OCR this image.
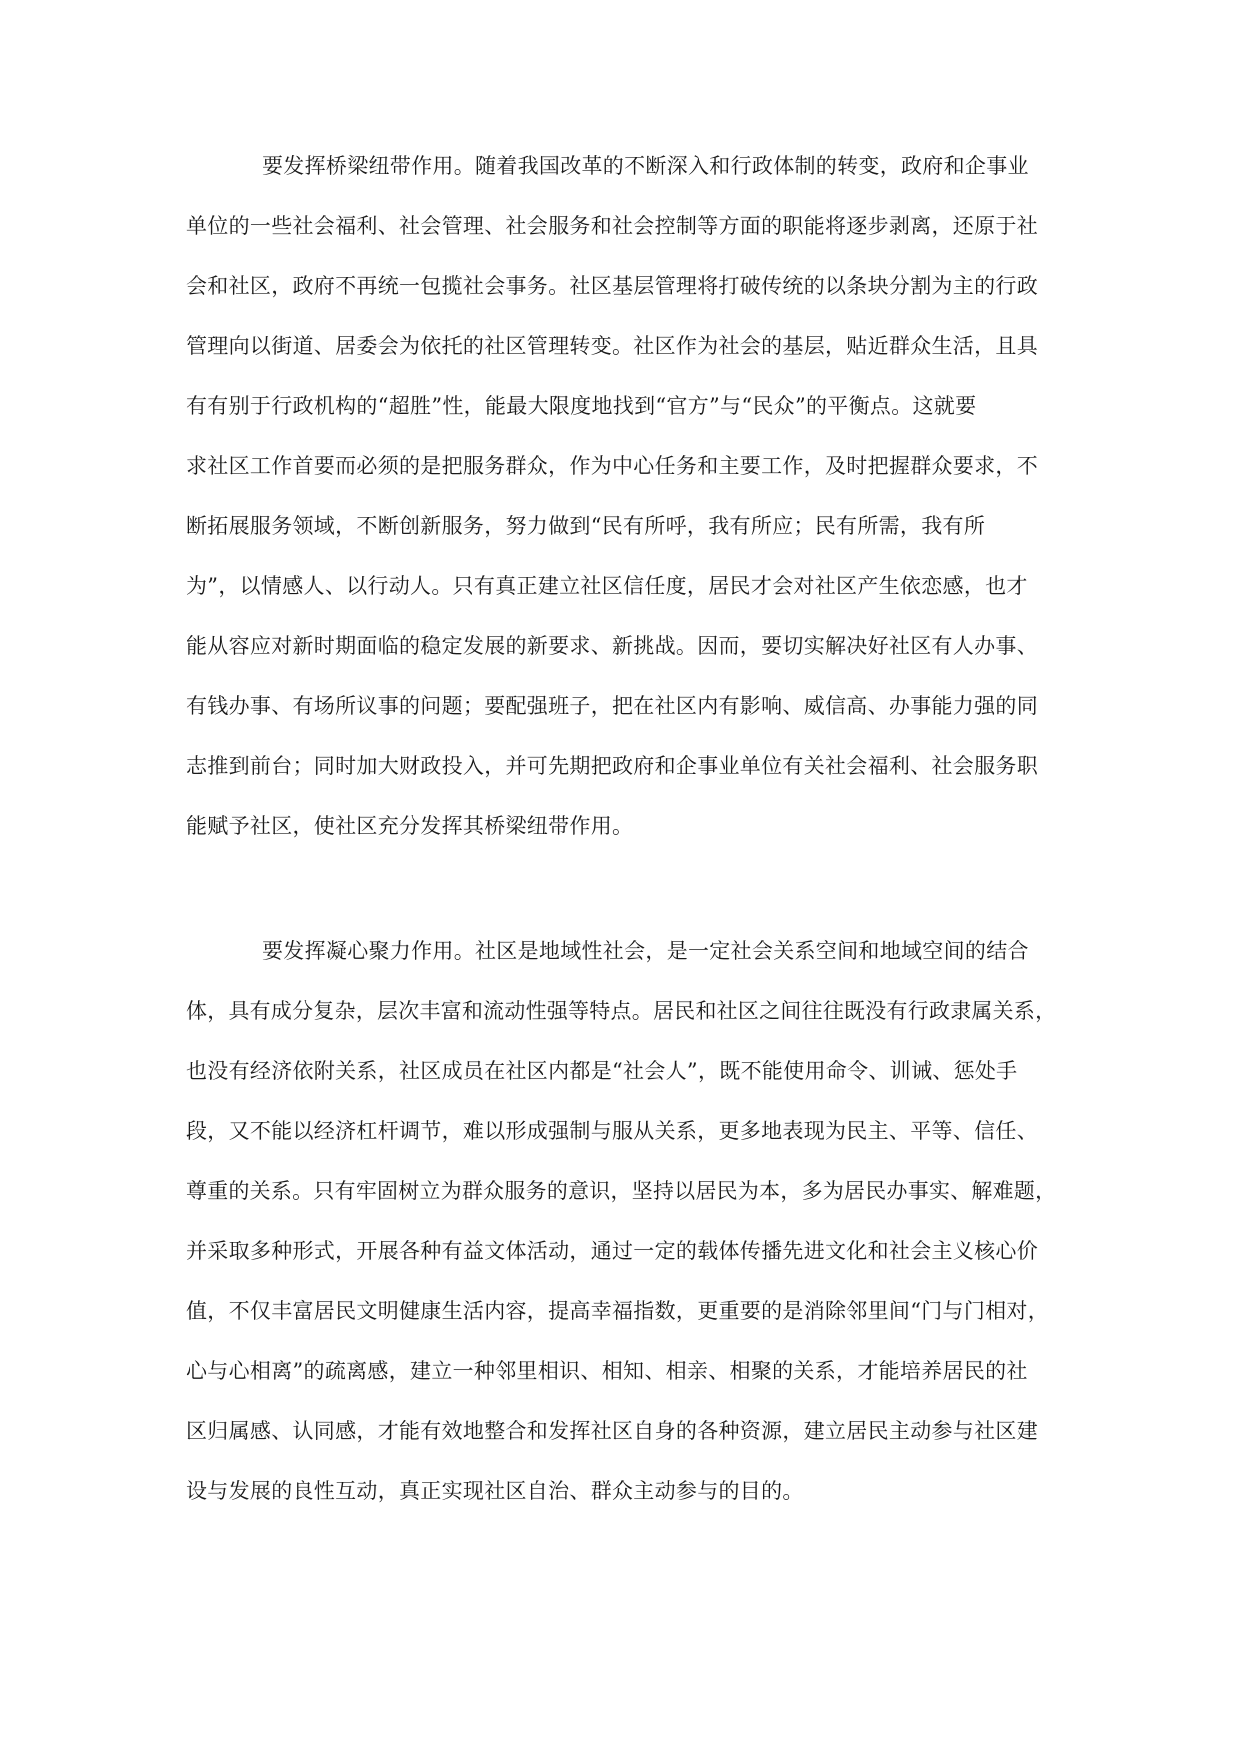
要发挥桥梁纽带作用。随着我国改革的不断深入和行政体制的转变，政府和企事业
单位的一些社会福利、社会管理、社会服务和社会控制等方面的职能将逐步剥离，还原于社
会和社区，政府不再统一包揽社会事务。社区基层管理将打破传统的以条块分割为主的行政
管理向以街道、居委会为依托的社区管理转变。社区作为社会的基层，贴近群众生活，且具
有有别于行政机构的“超胜”性，能最大限度地找到“官方”与“民众”的平衡点。这就要
求社区工作首要而必须的是把服务群众，作为中心任务和主要工作，及时把握群众要求，不
断拓展服务领域，不断创新服务，努力做到“民有所呼，我有所应；民有所需，我有所
为”，以情感人、以行动人。只有真正建立社区信任度，居民才会对社区产生依恋感，也才
能从容应对新时期面临的稳定发展的新要求、新挑战。因而，要切实解决好社区有人办事、
有钱办事、有场所议事的问题；要配强班子，把在社区内有影响、威信高、办事能力强的同
志推到前台；同时加大财政投入，并可先期把政府和企事业单位有关社会福利、社会服务职
能赋予社区，使社区充分发挥其桥梁纽带作用。
要发挥凝心聚力作用。社区是地域性社会，是一定社会关系空间和地域空间的结合
体，具有成分复杂，层次丰富和流动性强等特点。居民和社区之间往往既没有行政隶属关系，
也没有经济依附关系，社区成员在社区内都是“社会人”，既不能使用命令、训诫、惩处手
段，又不能以经济杠杆调节，难以形成强制与服从关系，更多地表现为民主、平等、信任、
尊重的关系。只有牢固树立为群众服务的意识，坚持以居民为本，多为居民办事实、解难题，
并采取多种形式，开展各种有益文体活动，通过一定的载体传播先进文化和社会主义核心价
值，不仅丰富居民文明健康生活内容，提高幸福指数，更重要的是消除邻里间“门与门相对，
心与心相离”的疏离感，建立一种邻里相识、相知、相亲、相聚的关系，才能培养居民的社
区归属感、认同感，才能有效地整合和发挥社区自身的各种资源，建立居民主动参与社区建
设与发展的良性互动，真正实现社区自治、群众主动参与的目的。
